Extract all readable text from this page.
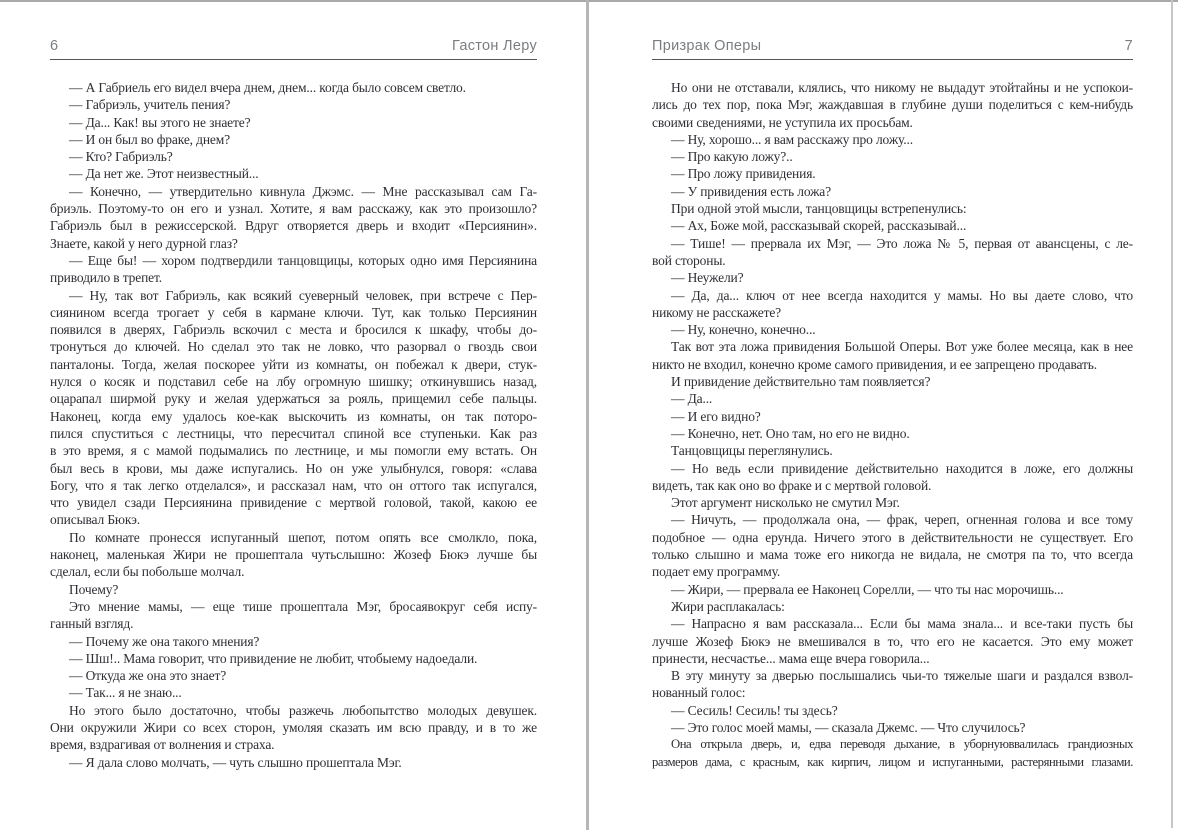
6	Гастон Леру
— А Габриель его видел вчера днем, днем... когда было совсем светло.
— Габриэль, учитель пения?
— Да... Как! вы этого не знаете?
— И он был во фраке, днем?
— Кто? Габриэль?
— Да нет же. Этот неизвестный...
— Конечно, — утвердительно кивнула Джэмс. — Мне рассказывал сам Га-
бриэль. Поэтому-то он его и узнал. Хотите, я вам расскажу, как это произошло?
Габриэль был в режиссерской. Вдруг отворяется дверь и входит «Персиянин».
Знаете, какой у него дурной глаз?
— Еще бы! — хором подтвердили танцовщицы, которых одно имя Персиянина
приводило в трепет.
— Ну, так вот Габриэль, как всякий суеверный человек, при встрече с Пер-
сиянином всегда трогает у себя в кармане ключи. Тут, как только Персиянин
появился в дверях, Габриэль вскочил с места и бросился к шкафу, чтобы до-
тронуться до ключей. Но сделал это так не ловко, что разорвал о гвоздь свои
панталоны. Тогда, желая поскорее уйти из комнаты, он побежал к двери, стук-
нулся о косяк и подставил себе на лбу огромную шишку; откинувшись назад,
оцарапал ширмой руку и желая удержаться за рояль, прищемил себе пальцы.
Наконец, когда ему удалось кое-как выскочить из комнаты, он так поторо-
пился спуститься с лестницы, что пересчитал спиной все ступеньки. Как раз
в это время, я с мамой подымались по лестнице, и мы помогли ему встать. Он
был весь в крови, мы даже испугались. Но он уже улыбнулся, говоря: «слава
Богу, что я так легко отделался», и рассказал нам, что он оттого так испугался,
что увидел сзади Персиянина привидение с мертвой головой, такой, какою ее
описывал Бюкэ.
По комнате пронесся испуганный шепот, потом опять все смолкло, пока,
наконец, маленькая Жири не прошептала чутьслышно: Жозеф Бюкэ лучше бы
сделал, если бы побольше молчал.
Почему?
Это мнение мамы, — еще тише прошептала Мэг, бросаявокруг себя испу-
ганный взгляд.
— Почему же она такого мнения?
— Шш!.. Мама говорит, что привидение не любит, чтобыему надоедали.
— Откуда же она это знает?
— Так... я не знаю...
Но этого было достаточно, чтобы разжечь любопытство молодых девушек.
Они окружили Жири со всех сторон, умоляя сказать им всю правду, и в то же
время, вздрагивая от волнения и страха.
— Я дала слово молчать, — чуть слышно прошептала Мэг.
Призрак Оперы	7
Но они не отставали, клялись, что никому не выдадут этойтайны и не успокои-
лись до тех пор, пока Мэг, жаждавшая в глубине души поделиться с кем-нибудь
своими сведениями, не уступила их просьбам.
— Ну, хорошо... я вам расскажу про ложу...
— Про какую ложу?..
— Про ложу привидения.
— У привидения есть ложа?
При одной этой мысли, танцовщицы встрепенулись:
— Ах, Боже мой, рассказывай скорей, рассказывай...
— Тише! — прервала их Мэг, — Это ложа № 5, первая от авансцены, с ле-
вой стороны.
— Неужели?
— Да, да... ключ от нее всегда находится у мамы. Но вы даете слово, что
никому не расскажете?
— Ну, конечно, конечно...
Так вот эта ложа привидения Большой Оперы. Вот уже более месяца, как в нее
никто не входил, конечно кроме самого привидения, и ее запрещено продавать.
И привидение действительно там появляется?
— Да...
— И его видно?
— Конечно, нет. Оно там, но его не видно.
Танцовщицы переглянулись.
— Но ведь если привидение действительно находится в ложе, его должны
видеть, так как оно во фраке и с мертвой головой.
Этот аргумент нисколько не смутил Мэг.
— Ничуть, — продолжала она, — фрак, череп, огненная голова и все тому
подобное — одна ерунда. Ничего этого в действительности не существует. Его
только слышно и мама тоже его никогда не видала, не смотря па то, что всегда
подает ему программу.
— Жири, — прервала ее Наконец Сорелли, — что ты нас морочишь...
Жири расплакалась:
— Напрасно я вам рассказала... Если бы мама знала... и все-таки пусть бы
лучше Жозеф Бюкэ не вмешивался в то, что его не касается. Это ему может
принести, несчастье... мама еще вчера говорила...
В эту минуту за дверью послышались чьи-то тяжелые шаги и раздался взвол-
нованный голос:
— Сесиль! Сесиль! ты здесь?
— Это голос моей мамы, — сказала Джемс. — Что случилось?
Она открыла дверь, и, едва переводя дыхание, в уборнуюввалилась грандиозных
размеров дама, с красным, как кирпич, лицом и испуганными, растерянными глазами.
